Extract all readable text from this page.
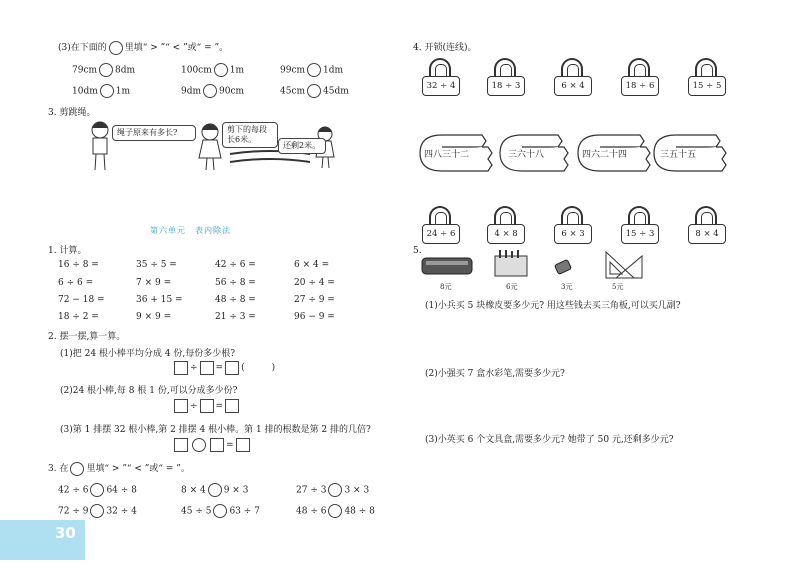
(3)在下面的 里填“ > ”“ < ”或“ = ”。
79cm 8dm	100cm 1m	99cm 1dm
10dm 1m	9dm 90cm	45cm 45dm
3. 剪跳绳。
绳子原来有多长?	剪下的每段长6米。
还剩2米。
第六单元　表内除法
1. 计算。
16 ÷ 8 =	35 ÷ 5 =	42 ÷ 6 =	6 × 4 =
6 ÷ 6 =	7 × 9 =	56 ÷ 8 =	20 ÷ 4 =
72 − 18 =	36 + 15 =	48 ÷ 8 =	27 ÷ 9 =
18 ÷ 2 =	9 × 9 =	21 ÷ 3 =	96 − 9 =
2. 摆一摆,算一算。
(1)把 24 根小棒平均分成 4 份,每份多少根?
÷ = (　　　)
(2)24 根小棒,每 8 根 1 份,可以分成多少份?
÷ =
(3)第 1 排摆 32 根小棒,第 2 排摆 4 根小棒。第 1 排的根数是第 2 排的几倍?
=
3. 在 里填“ > ”“ < ”或“ = ”。
42 ÷ 6 64 ÷ 8	8 × 4 9 × 3	27 ÷ 3 3 × 3
72 ÷ 9 32 ÷ 4	45 ÷ 5 63 ÷ 7	48 ÷ 6 48 ÷ 8
30
4. 开锁(连线)。
32 ÷ 4	18 ÷ 3	6 × 4	18 ÷ 6	15 ÷ 5
四八三十二	三六十八	四六二十四	三五十五
24 ÷ 6	4 × 8	6 × 3	15 ÷ 3	8 × 4
5.
8元	6元	3元	5元
(1)小兵买 5 块橡皮要多少元? 用这些钱去买三角板,可以买几副?
(2)小强买 7 盒水彩笔,需要多少元?
(3)小英买 6 个文具盒,需要多少元? 她带了 50 元,还剩多少元?
